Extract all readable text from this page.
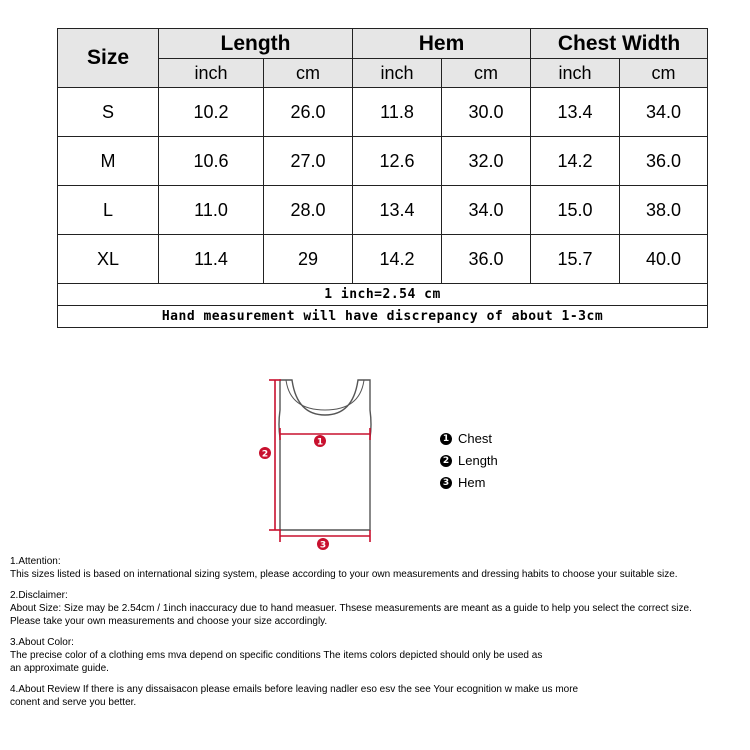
Size	Length		Hem		Chest Width	
	inch	cm	inch	cm	inch	cm
S	10.2	26.0	11.8	30.0	13.4	34.0
M	10.6	27.0	12.6	32.0	14.2	36.0
L	11.0	28.0	13.4	34.0	15.0	38.0
XL	11.4	29	14.2	36.0	15.7	40.0
1 inch=2.54 cm						
Hand measurement will have discrepancy of about 1-3cm						
1
2
3
1 Chest
2 Length
3 Hem
1.Attention:
This sizes listed is based on international sizing system, please according to your own measurements and dressing habits to choose your suitable size.
2.Disclaimer:
About Size: Size may be 2.54cm / 1inch inaccuracy due to hand measuer. Thsese measurements are meant as a guide to help you select the correct size.
Please take your own measurements and choose your size accordingly.
3.About Color:
The precise color of a clothing ems mva depend on specific conditions The items colors depicted should only be used as
an approximate guide.
4.About Review If there is any dissaisacon please emails before leaving nadler eso esv the see Your ecognition w make us more
conent and serve you better.
